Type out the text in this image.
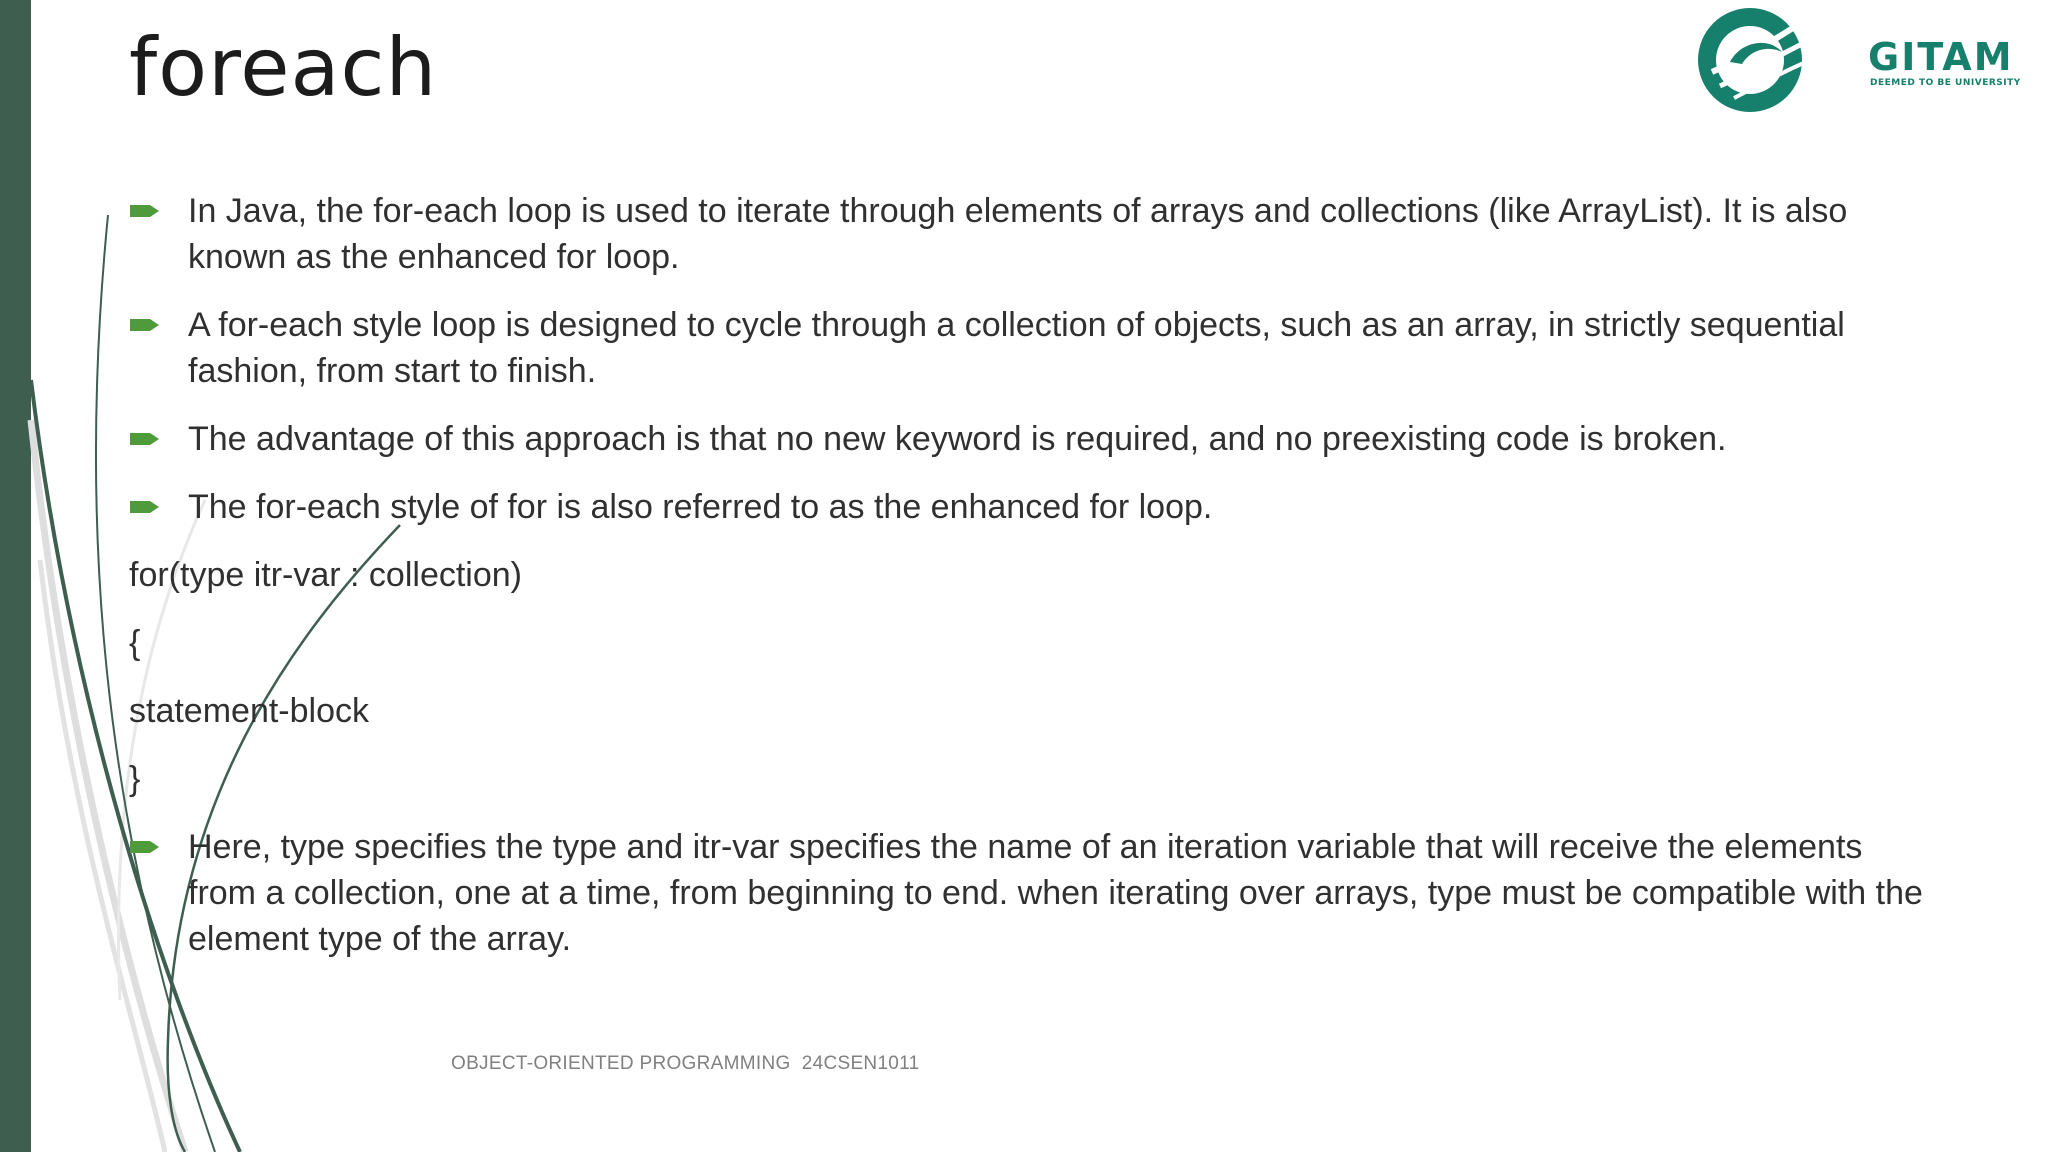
foreach	GITAM
DEEMED TO BE UNIVERSITY
In Java, the for-each loop is used to iterate through elements of arrays and collections (like ArrayList). It is also known as the enhanced for loop.
A for-each style loop is designed to cycle through a collection of objects, such as an array, in strictly sequential fashion, from start to finish.
The advantage of this approach is that no new keyword is required, and no preexisting code is broken.
The for-each style of for is also referred to as the enhanced for loop.
for(type itr-var : collection)
{
statement-block
}
Here, type specifies the type and itr-var specifies the name of an iteration variable that will receive the elements from a collection, one at a time, from beginning to end. when iterating over arrays, type must be compatible with the element type of the array.
OBJECT-ORIENTED PROGRAMMING  24CSEN1011
